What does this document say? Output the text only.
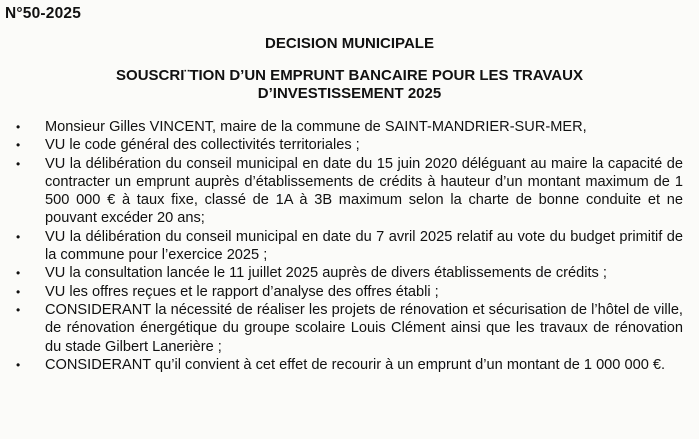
N°50-2025
DECISION MUNICIPALE
SOUSCRI¨TION D’UN EMPRUNT BANCAIRE POUR LES TRAVAUX
D’INVESTISSEMENT 2025
• Monsieur Gilles VINCENT, maire de la commune de SAINT-MANDRIER-SUR-MER,
• VU le code général des collectivités territoriales ;
• VU la délibération du conseil municipal en date du 15 juin 2020 déléguant au maire la capacité de contracter un emprunt auprès d’établissements de crédits à hauteur d’un montant maximum de 1 500 000 € à taux fixe, classé de 1A à 3B maximum selon la charte de bonne conduite et ne pouvant excéder 20 ans;
• VU la délibération du conseil municipal en date du 7 avril 2025 relatif au vote du budget primitif de la commune pour l’exercice 2025 ;
• VU la consultation lancée le 11 juillet 2025 auprès de divers établissements de crédits ;
• VU les offres reçues et le rapport d’analyse des offres établi ;
• CONSIDERANT la nécessité de réaliser les projets de rénovation et sécurisation de l’hôtel de ville, de rénovation énergétique du groupe scolaire Louis Clément ainsi que les travaux de rénovation du stade Gilbert Lanerière ;
• CONSIDERANT qu’il convient à cet effet de recourir à un emprunt d’un montant de 1 000 000 €.
